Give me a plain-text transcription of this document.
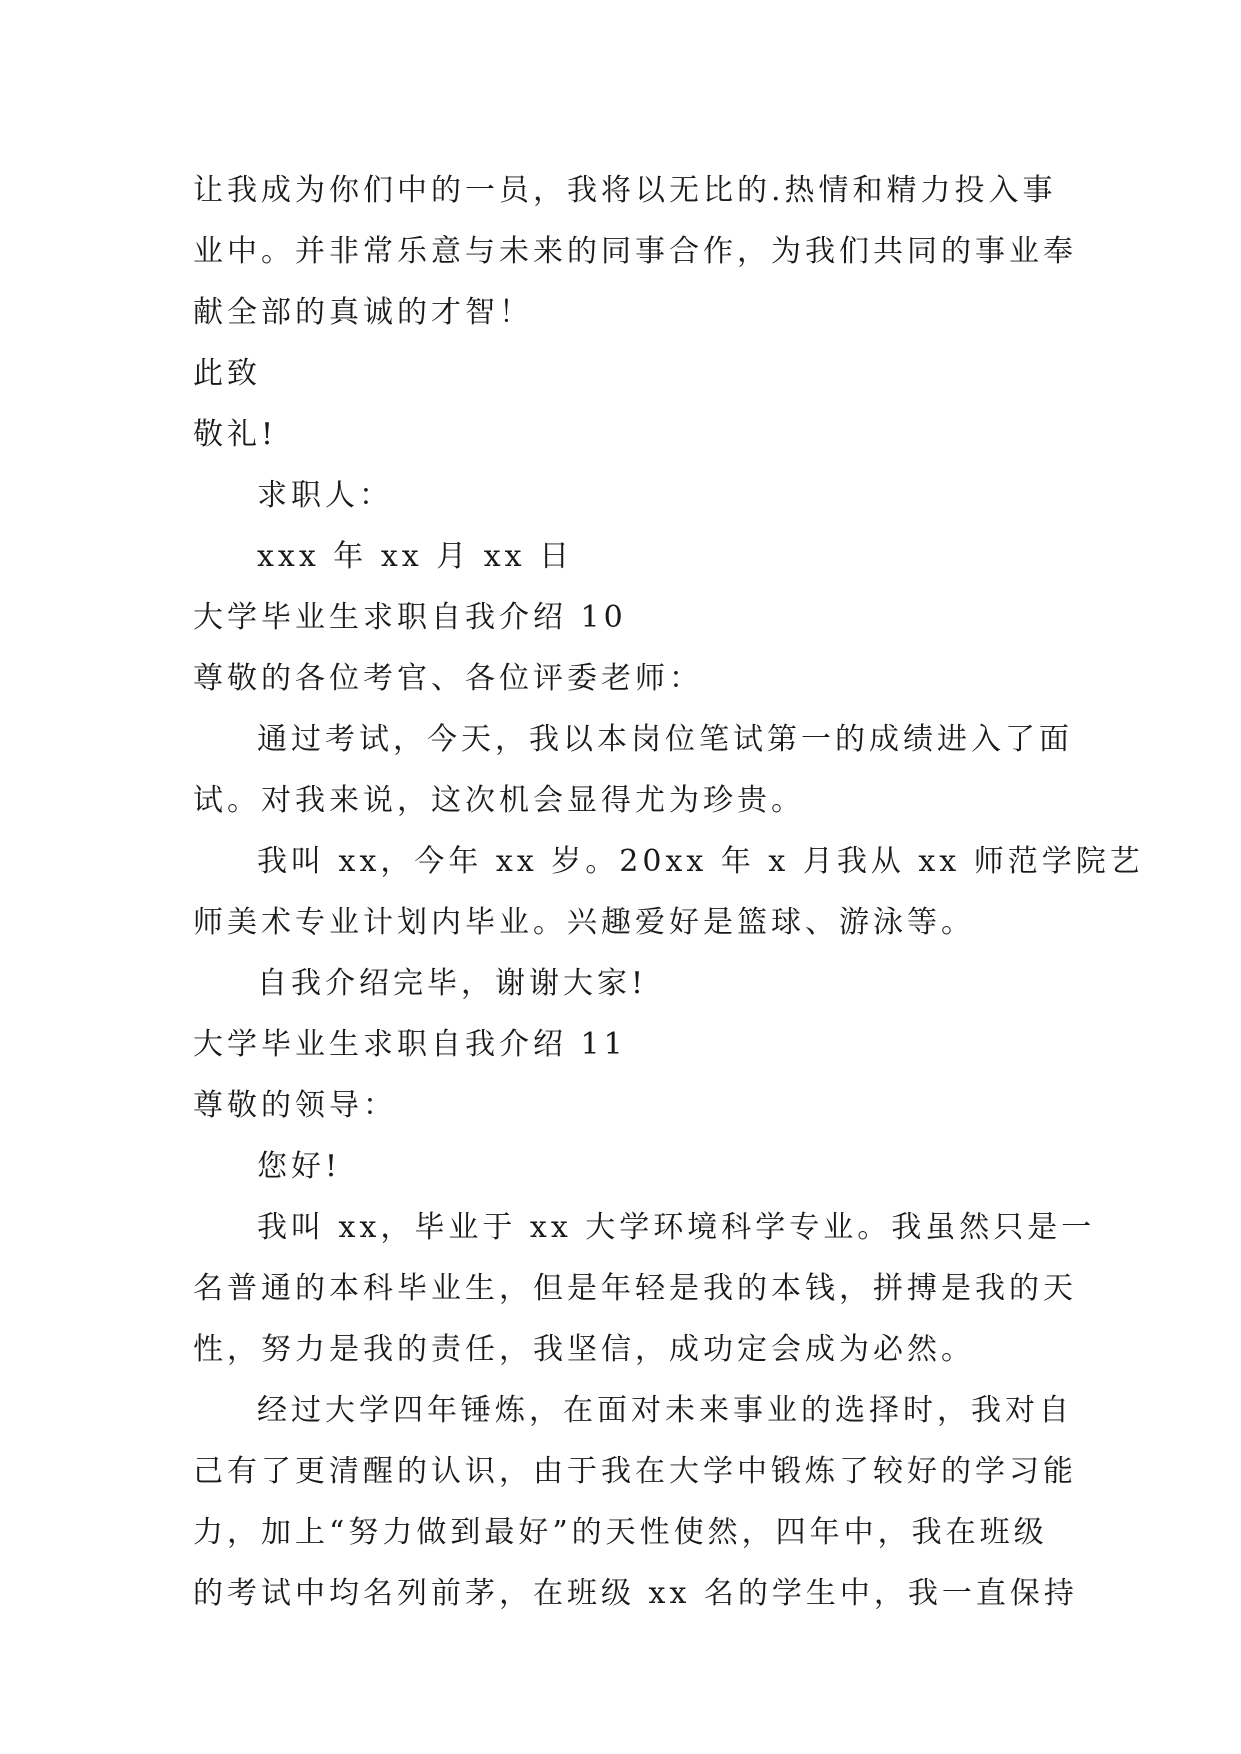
让我成为你们中的一员，我将以无比的.热情和精力投入事
业中。并非常乐意与未来的同事合作，为我们共同的事业奉
献全部的真诚的才智！
此致
敬礼!
求职人：
xxx 年 xx 月 xx 日
大学毕业生求职自我介绍 10
尊敬的各位考官、各位评委老师：
通过考试，今天，我以本岗位笔试第一的成绩进入了面
试。对我来说，这次机会显得尤为珍贵。
我叫 xx，今年 xx 岁。20xx 年 x 月我从 xx 师范学院艺
师美术专业计划内毕业。兴趣爱好是篮球、游泳等。
自我介绍完毕，谢谢大家!
大学毕业生求职自我介绍 11
尊敬的领导：
您好!
我叫 xx，毕业于 xx 大学环境科学专业。我虽然只是一
名普通的本科毕业生，但是年轻是我的本钱，拼搏是我的天
性，努力是我的责任，我坚信，成功定会成为必然。
经过大学四年锤炼，在面对未来事业的选择时，我对自
己有了更清醒的认识，由于我在大学中锻炼了较好的学习能
力，加上“努力做到最好”的天性使然，四年中，我在班级
的考试中均名列前茅，在班级 xx 名的学生中，我一直保持
